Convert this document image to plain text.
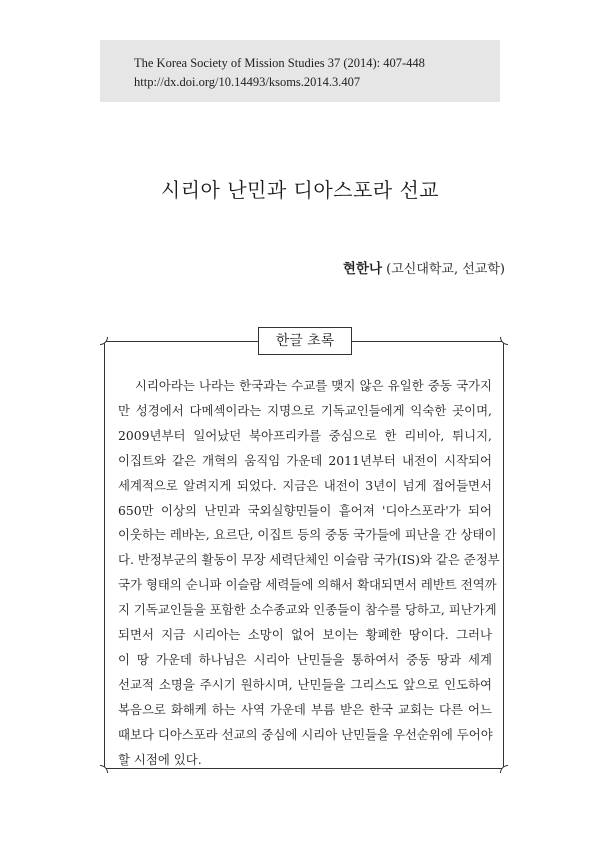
The Korea Society of Mission Studies 37 (2014): 407-448
http://dx.doi.org/10.14493/ksoms.2014.3.407
시리아 난민과 디아스포라 선교
현한나 (고신대학교, 선교학)
한글 초록
시리아라는 나라는 한국과는 수교를 맺지 않은 유일한 중동 국가지
만 성경에서 다메섹이라는 지명으로 기독교인들에게 익숙한 곳이며,
2009년부터 일어났던 북아프리카를 중심으로 한 리비아, 튀니지,
이집트와 같은 개혁의 움직임 가운데 2011년부터 내전이 시작되어
세계적으로 알려지게 되었다. 지금은 내전이 3년이 넘게 접어들면서
650만 이상의 난민과 국외실향민들이 흩어져 '디아스포라'가 되어
이웃하는 레바논, 요르단, 이집트 등의 중동 국가들에 피난을 간 상태이
다. 반정부군의 활동이 무장 세력단체인 이슬람 국가(IS)와 같은 준정부
국가 형태의 순니파 이슬람 세력들에 의해서 확대되면서 레반트 전역까
지 기독교인들을 포함한 소수종교와 인종들이 참수를 당하고, 피난가게
되면서 지금 시리아는 소망이 없어 보이는 황폐한 땅이다. 그러나
이 땅 가운데 하나님은 시리아 난민들을 통하여서 중동 땅과 세계
선교적 소명을 주시기 원하시며, 난민들을 그리스도 앞으로 인도하여
복음으로 화해케 하는 사역 가운데 부름 받은 한국 교회는 다른 어느
때보다 디아스포라 선교의 중심에 시리아 난민들을 우선순위에 두어야
할 시점에 있다.
